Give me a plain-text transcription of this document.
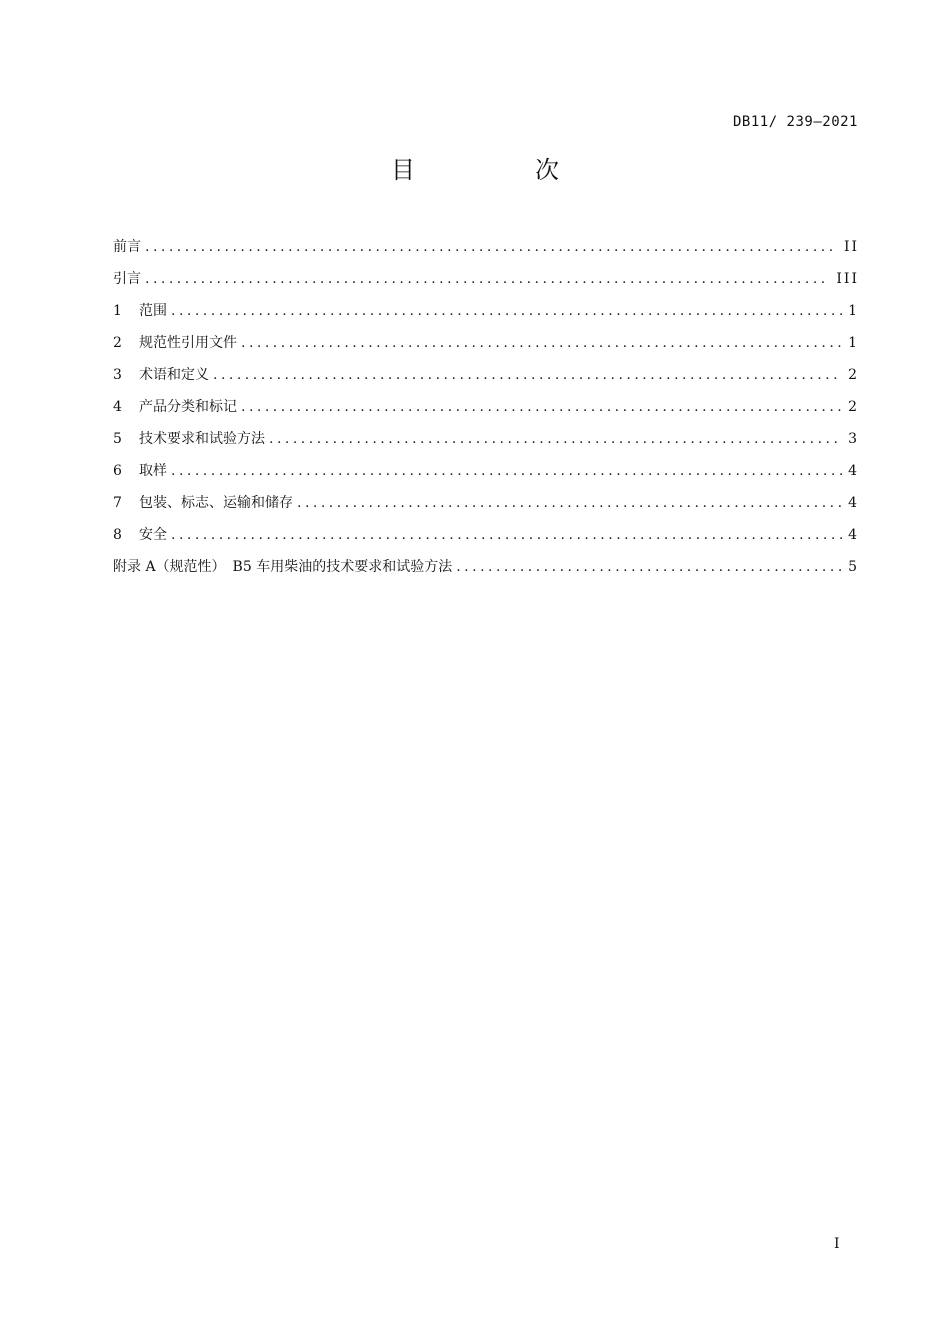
DB11/ 239—2021
目　次
前言 .....	II
引言 .....	III
1	范围 .....	1
2	规范性引用文件 .....	1
3	术语和定义 .....	2
4	产品分类和标记 .....	2
5	技术要求和试验方法 .....	3
6	取样 .....	4
7	包装、标志、运输和储存 .....	4
8	安全 .....	4
附录 A（规范性）　B5 车用柴油的技术要求和试验方法 .....	5
I
